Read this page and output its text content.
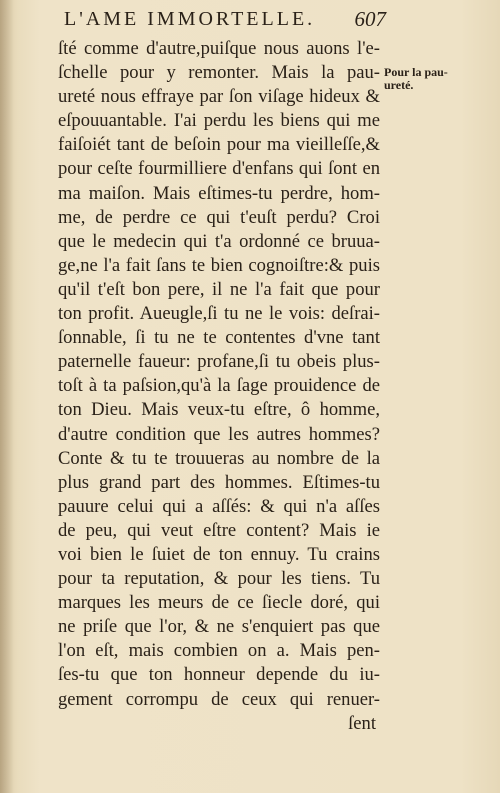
L'AME IMMORTELLE. 607
Pour la pau-
ureté.
ſté comme d'autre,puiſque nous auons l'e-
ſchelle pour y remonter. Mais la pau-
ureté nous effraye par ſon viſage hideux &
eſpouuantable. I'ai perdu les biens qui me
faiſoiét tant de beſoin pour ma vieilleſſe,&
pour ceſte fourmilliere d'enfans qui ſont en
ma maiſon. Mais eſtimes-tu perdre, hom-
me, de perdre ce qui t'euſt perdu? Croi
que le medecin qui t'a ordonné ce bruua-
ge,ne l'a fait ſans te bien cognoiſtre:& puis
qu'il t'eſt bon pere, il ne l'a fait que pour
ton profit. Aueugle,ſi tu ne le vois: deſrai-
ſonnable, ſi tu ne te contentes d'vne tant
paternelle faueur: profane,ſi tu obeis plus-
toſt à ta paſsion,qu'à la ſage prouidence de
ton Dieu. Mais veux-tu eſtre, ô homme,
d'autre condition que les autres hommes?
Conte & tu te trouueras au nombre de la
plus grand part des hommes. Eſtimes-tu
pauure celui qui a aſſés: & qui n'a aſſes
de peu, qui veut eſtre content? Mais ie
voi bien le ſuiet de ton ennuy. Tu crains
pour ta reputation, & pour les tiens. Tu
marques les meurs de ce ſiecle doré, qui
ne priſe que l'or, & ne s'enquiert pas que
l'on eſt, mais combien on a. Mais pen-
ſes-tu que ton honneur depende du iu-
gement corrompu de ceux qui renuer-
ſent
